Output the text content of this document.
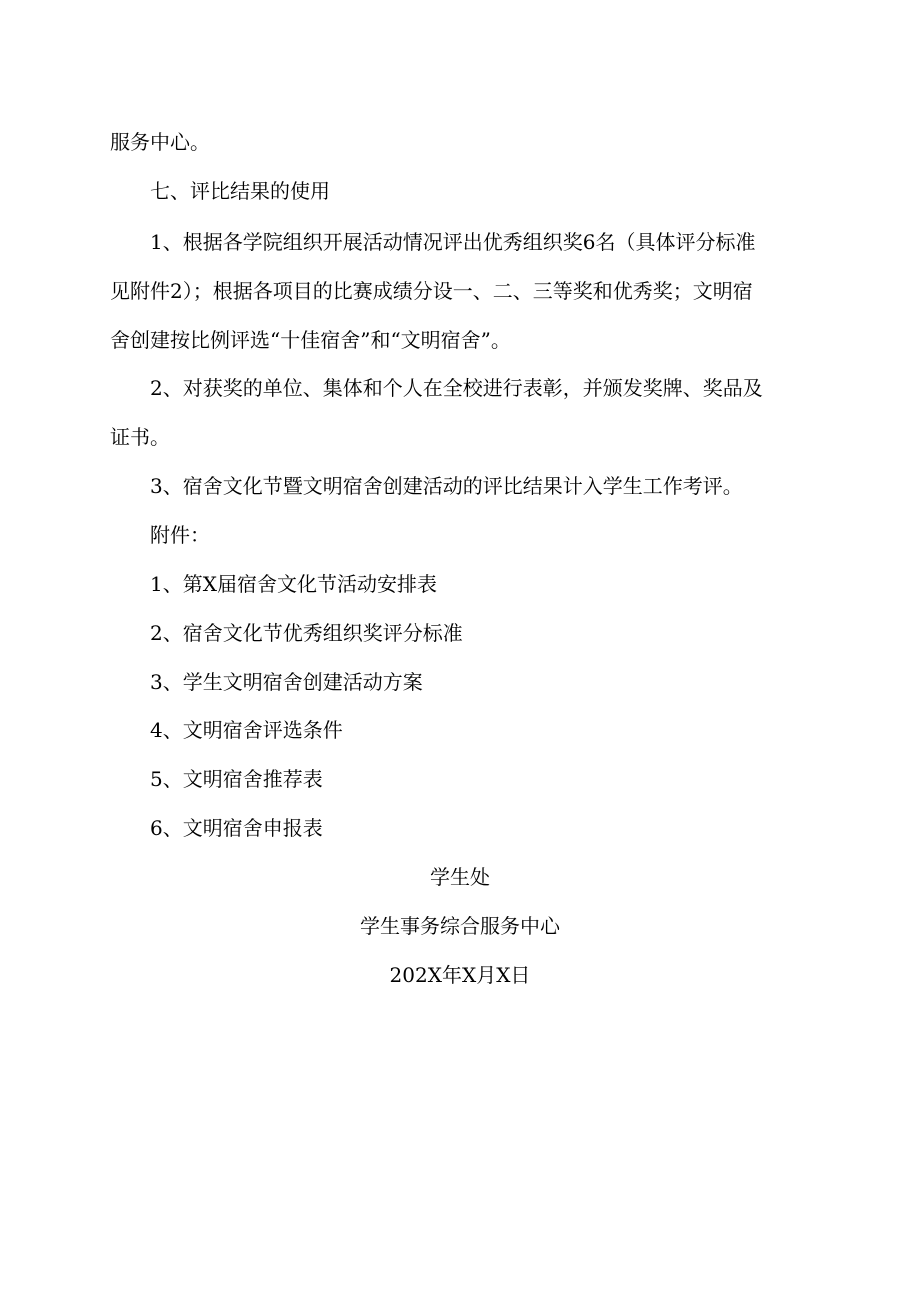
服务中心。
七、评比结果的使用
1、根据各学院组织开展活动情况评出优秀组织奖6名（具体评分标准
见附件2）；根据各项目的比赛成绩分设一、二、三等奖和优秀奖；文明宿
舍创建按比例评选“十佳宿舍”和“文明宿舍”。
2、对获奖的单位、集体和个人在全校进行表彰，并颁发奖牌、奖品及
证书。
3、宿舍文化节暨文明宿舍创建活动的评比结果计入学生工作考评。
附件：
1、第X届宿舍文化节活动安排表
2、宿舍文化节优秀组织奖评分标准
3、学生文明宿舍创建活动方案
4、文明宿舍评选条件
5、文明宿舍推荐表
6、文明宿舍申报表
学生处
学生事务综合服务中心
202X年X月X日
